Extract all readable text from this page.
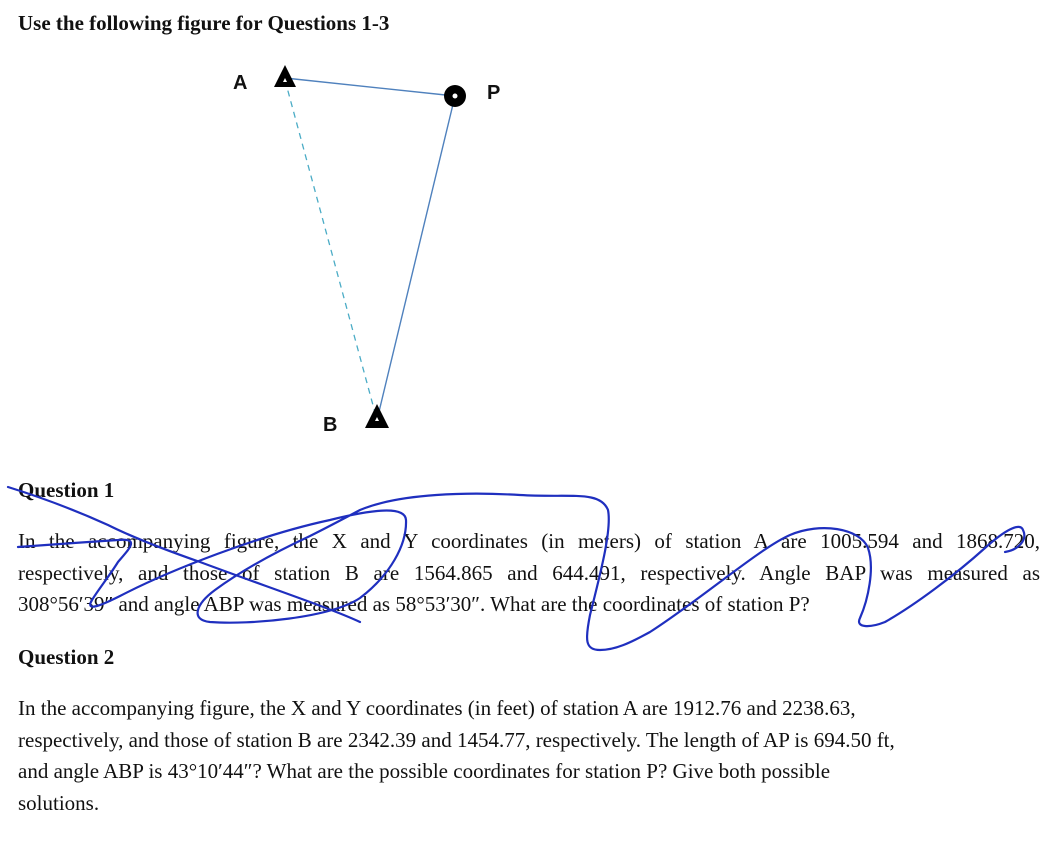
Use the following figure for Questions 1-3
A	P
B
Question 1
In the accompanying figure, the X and Y coordinates (in meters) of station A are 1005.594 and 1868.720,
respectively, and those of station B are 1564.865 and 644.491, respectively. Angle BAP was measured as
308°56′39″ and angle ABP was measured as 58°53′30″. What are the coordinates of station P?
Question 2
In the accompanying figure, the X and Y coordinates (in feet) of station A are 1912.76 and 2238.63,
respectively, and those of station B are 2342.39 and 1454.77, respectively. The length of AP is 694.50 ft,
and angle ABP is 43°10′44″? What are the possible coordinates for station P? Give both possible
solutions.
